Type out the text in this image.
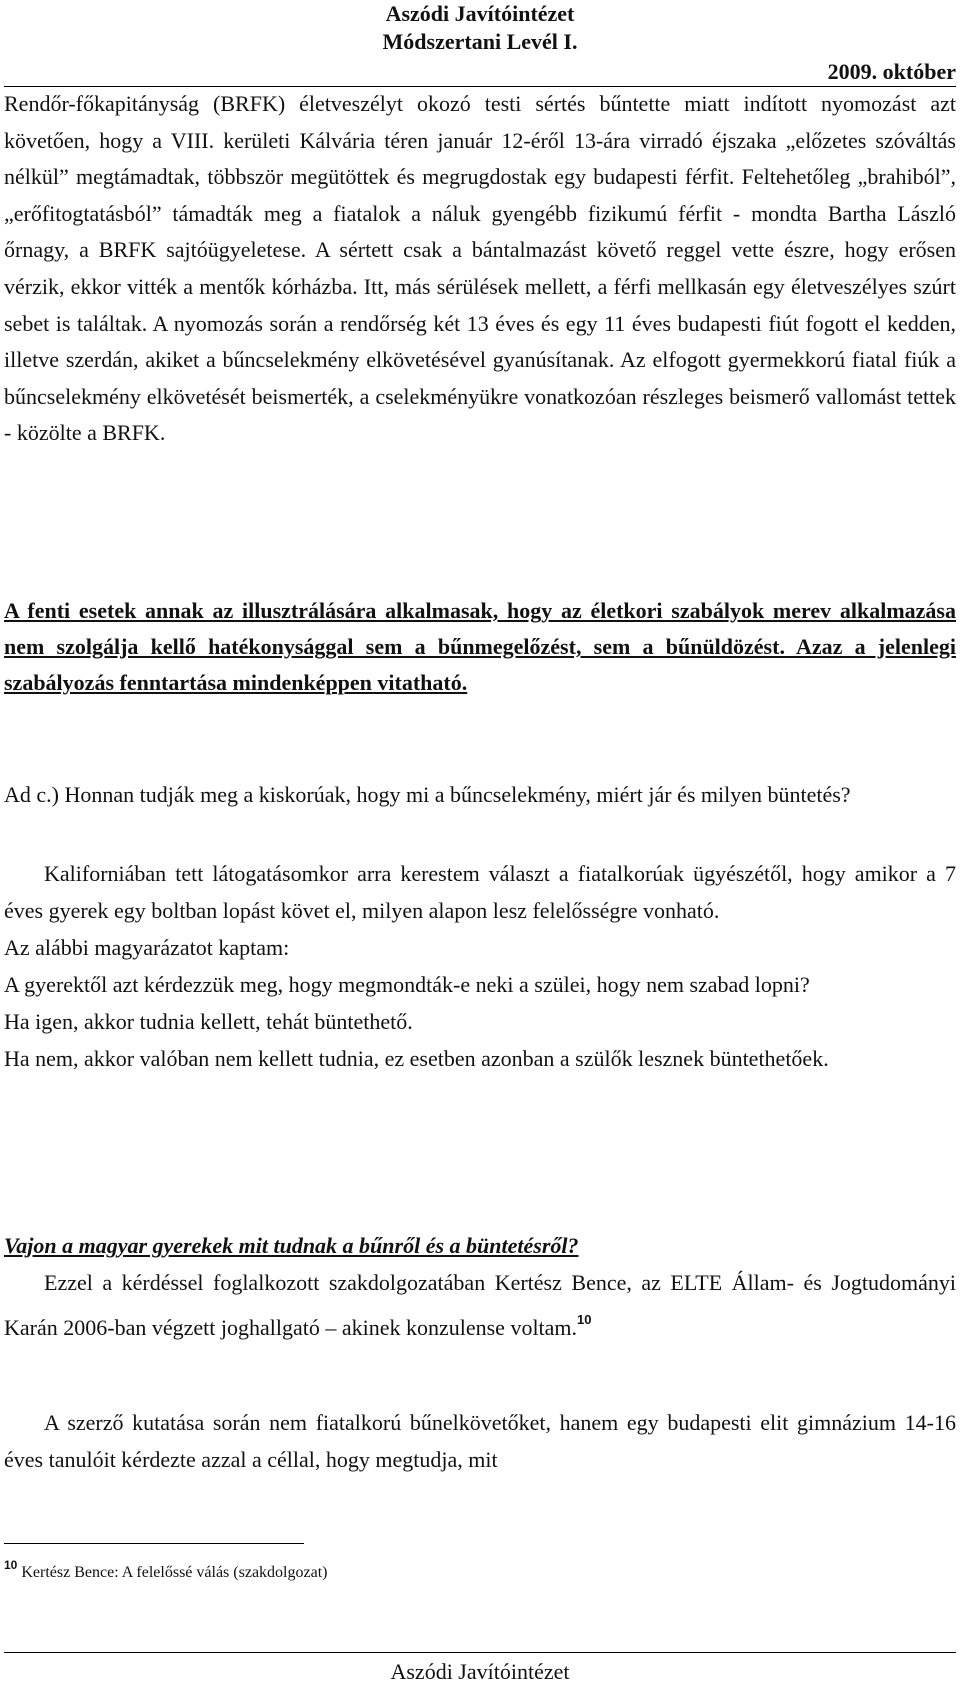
Aszódi Javítóintézet
Módszertani Levél I.
2009. október
Rendőr-főkapitányság (BRFK) életveszélyt okozó testi sértés bűntette miatt indított nyomozást azt követően, hogy a VIII. kerületi Kálvária téren január 12-éről 13-ára virradó éjszaka „előzetes szóváltás nélkül” megtámadtak, többször megütöttek és megrugdostak egy budapesti férfit. Feltehetőleg „brahiból”, „erőfitogtatásból” támadták meg a fiatalok a náluk gyengébb fizikumú férfit - mondta Bartha László őrnagy, a BRFK sajtóügyeletese. A sértett csak a bántalmazást követő reggel vette észre, hogy erősen vérzik, ekkor vitték a mentők kórházba. Itt, más sérülések mellett, a férfi mellkasán egy életveszélyes szúrt sebet is találtak. A nyomozás során a rendőrség két 13 éves és egy 11 éves budapesti fiút fogott el kedden, illetve szerdán, akiket a bűncselekmény elkövetésével gyanúsítanak. Az elfogott gyermekkorú fiatal fiúk a bűncselekmény elkövetését beismerték, a cselekményükre vonatkozóan részleges beismerő vallomást tettek - közölte a BRFK.
A fenti esetek annak az illusztrálására alkalmasak, hogy az életkori szabályok merev alkalmazása nem szolgálja kellő hatékonysággal sem a bűnmegelőzést, sem a bűnüldözést. Azaz a jelenlegi szabályozás fenntartása mindenképpen vitatható.
Ad c.) Honnan tudják meg a kiskorúak, hogy mi a bűncselekmény, miért jár és milyen büntetés?
Kaliforniában tett látogatásomkor arra kerestem választ a fiatalkorúak ügyészétől, hogy amikor a 7 éves gyerek egy boltban lopást követ el, milyen alapon lesz felelősségre vonható.
Az alábbi magyarázatot kaptam:
A gyerektől azt kérdezzük meg, hogy megmondták-e neki a szülei, hogy nem szabad lopni?
Ha igen, akkor tudnia kellett, tehát büntethető.
Ha nem, akkor valóban nem kellett tudnia, ez esetben azonban a szülők lesznek büntethetőek.
Vajon a magyar gyerekek mit tudnak a bűnről és a büntetésről?
Ezzel a kérdéssel foglalkozott szakdolgozatában Kertész Bence, az ELTE Állam- és Jogtudományi Karán 2006-ban végzett joghallgató – akinek konzulense voltam.$^{10}$
A szerző kutatása során nem fiatalkorú bűnelkövetőket, hanem egy budapesti elit gimnázium 14-16 éves tanulóit kérdezte azzal a céllal, hogy megtudja, mit
$^{10}$ Kertész Bence: A felelőssé válás (szakdolgozat)
Aszódi Javítóintézet
